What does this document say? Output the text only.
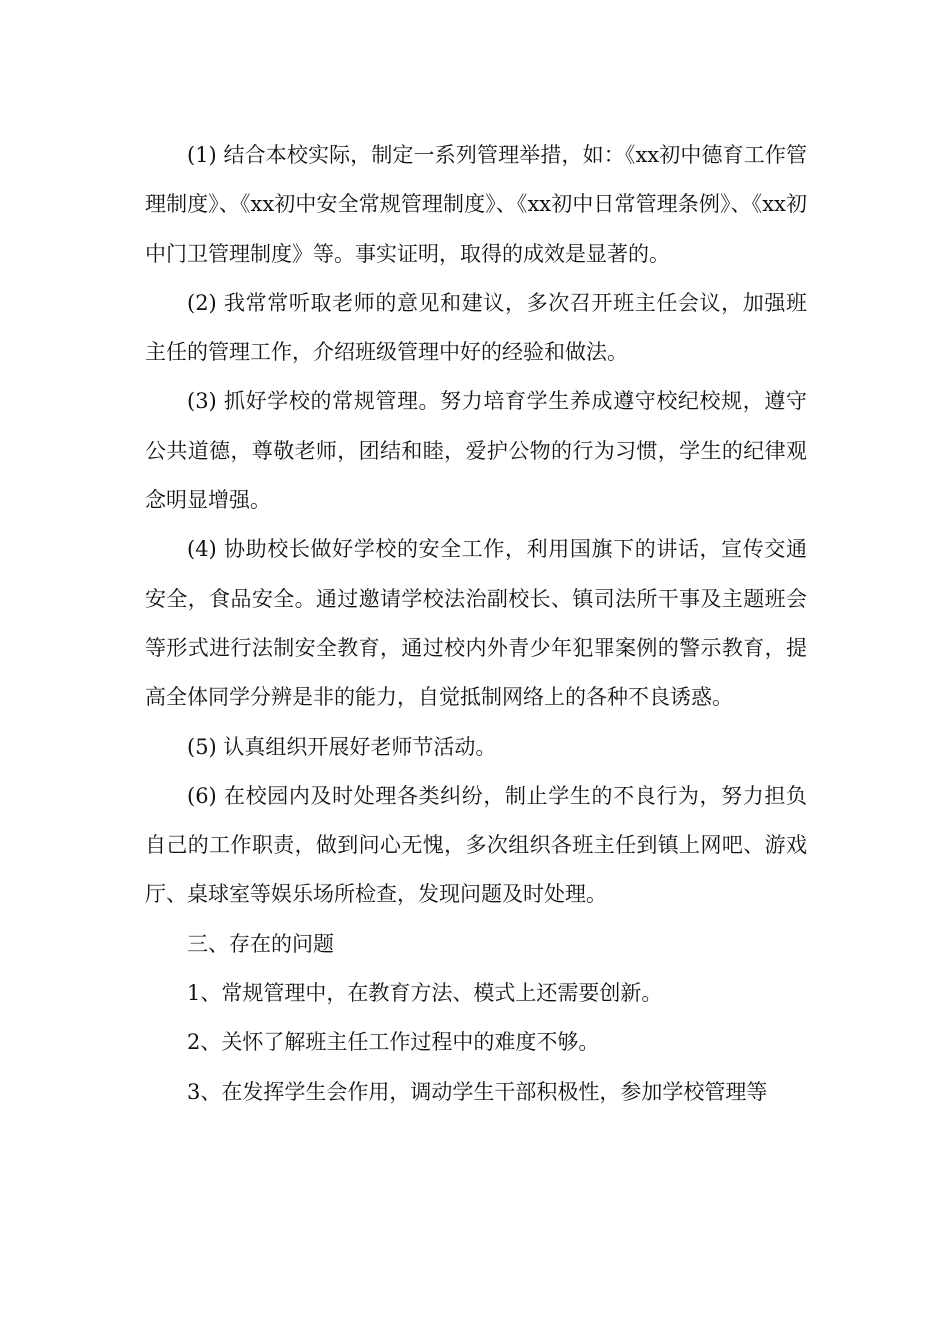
(1) 结合本校实际，制定一系列管理举措，如：《xx初中德育工作管理制度》、《xx初中安全常规管理制度》、《xx初中日常管理条例》、《xx初中门卫管理制度》等。事实证明，取得的成效是显著的。

(2) 我常常听取老师的意见和建议，多次召开班主任会议，加强班主任的管理工作，介绍班级管理中好的经验和做法。

(3) 抓好学校的常规管理。努力培育学生养成遵守校纪校规，遵守公共道德，尊敬老师，团结和睦，爱护公物的行为习惯，学生的纪律观念明显增强。

(4) 协助校长做好学校的安全工作，利用国旗下的讲话，宣传交通安全，食品安全。通过邀请学校法治副校长、镇司法所干事及主题班会等形式进行法制安全教育，通过校内外青少年犯罪案例的警示教育，提高全体同学分辨是非的能力，自觉抵制网络上的各种不良诱惑。

(5) 认真组织开展好老师节活动。

(6) 在校园内及时处理各类纠纷，制止学生的不良行为，努力担负自己的工作职责，做到问心无愧，多次组织各班主任到镇上网吧、游戏厅、桌球室等娱乐场所检查，发现问题及时处理。

三、存在的问题

1、常规管理中，在教育方法、模式上还需要创新。

2、关怀了解班主任工作过程中的难度不够。

3、在发挥学生会作用，调动学生干部积极性，参加学校管理等
